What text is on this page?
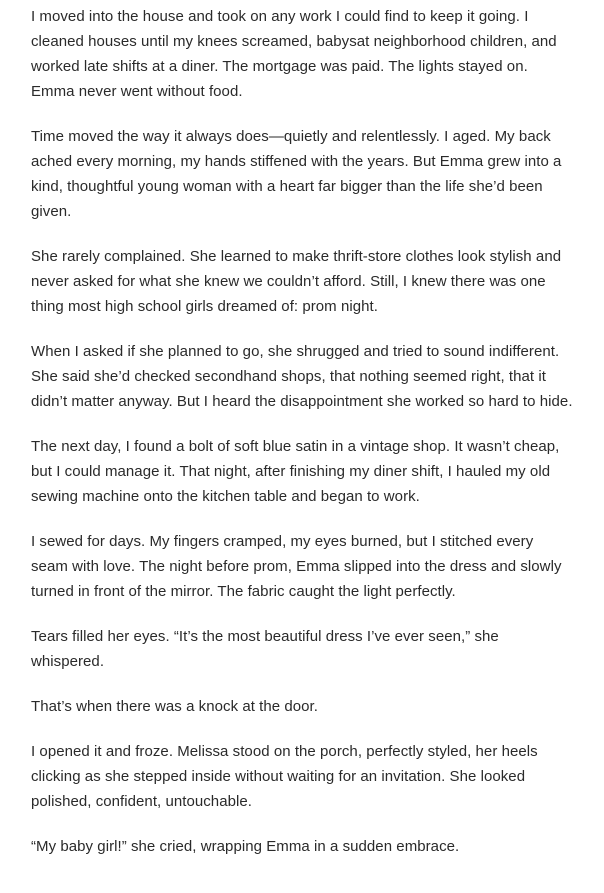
I moved into the house and took on any work I could find to keep it going. I cleaned houses until my knees screamed, babysat neighborhood children, and worked late shifts at a diner. The mortgage was paid. The lights stayed on. Emma never went without food.

Time moved the way it always does—quietly and relentlessly. I aged. My back ached every morning, my hands stiffened with the years. But Emma grew into a kind, thoughtful young woman with a heart far bigger than the life she’d been given.

She rarely complained. She learned to make thrift-store clothes look stylish and never asked for what she knew we couldn’t afford. Still, I knew there was one thing most high school girls dreamed of: prom night.

When I asked if she planned to go, she shrugged and tried to sound indifferent. She said she’d checked secondhand shops, that nothing seemed right, that it didn’t matter anyway. But I heard the disappointment she worked so hard to hide.

The next day, I found a bolt of soft blue satin in a vintage shop. It wasn’t cheap, but I could manage it. That night, after finishing my diner shift, I hauled my old sewing machine onto the kitchen table and began to work.

I sewed for days. My fingers cramped, my eyes burned, but I stitched every seam with love. The night before prom, Emma slipped into the dress and slowly turned in front of the mirror. The fabric caught the light perfectly.

Tears filled her eyes. “It’s the most beautiful dress I’ve ever seen,” she whispered.

That’s when there was a knock at the door.

I opened it and froze. Melissa stood on the porch, perfectly styled, her heels clicking as she stepped inside without waiting for an invitation. She looked polished, confident, untouchable.

“My baby girl!” she cried, wrapping Emma in a sudden embrace.
